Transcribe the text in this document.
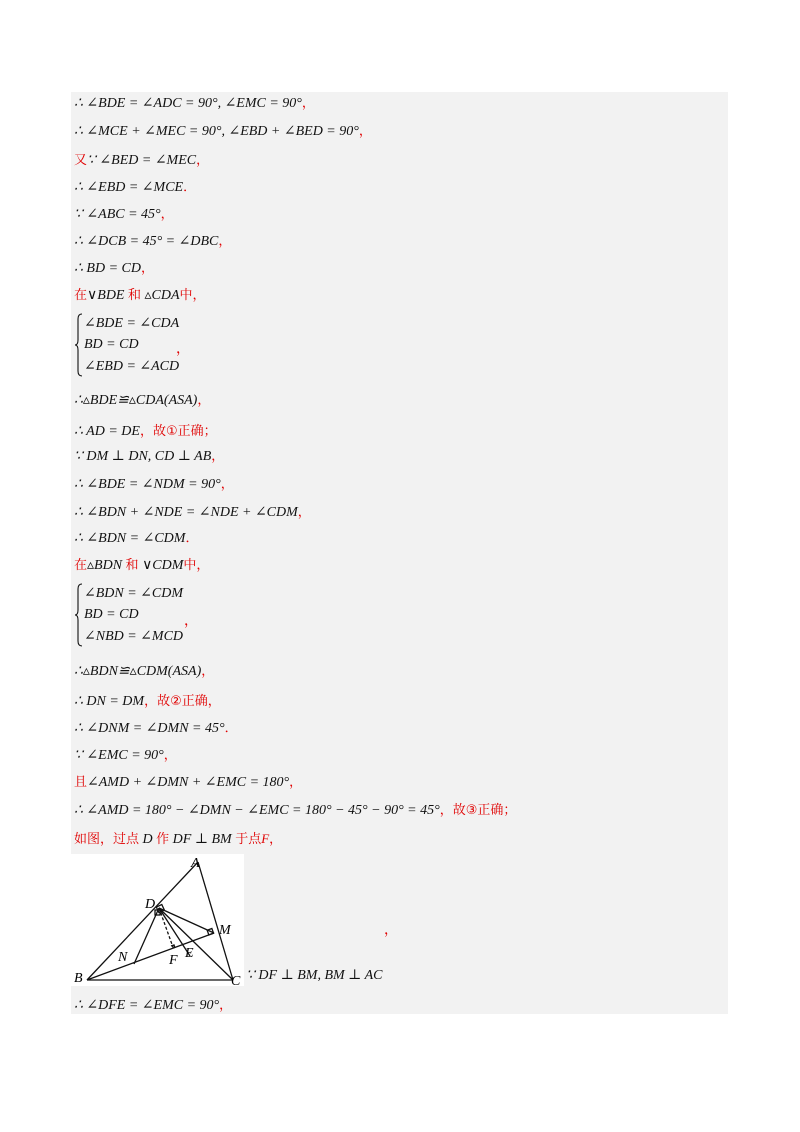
∴ ∠BDE = ∠ADC = 90°, ∠EMC = 90°，
∴ ∠MCE + ∠MEC = 90°, ∠EBD + ∠BED = 90°，
又∵ ∠BED = ∠MEC，
∴ ∠EBD = ∠MCE．
∵ ∠ABC = 45°，
∴ ∠DCB = 45° = ∠DBC，
∴ BD = CD，
在∨BDE 和 ▵CDA中，
∠BDE = ∠CDA
BD = CD
∠EBD = ∠ACD
，
∴▵BDE≌▵CDA(ASA)，
∴ AD = DE，故①正确；
∵ DM ⊥ DN, CD ⊥ AB，
∴ ∠BDE = ∠NDM = 90°，
∴ ∠BDN + ∠NDE = ∠NDE + ∠CDM，
∴ ∠BDN = ∠CDM．
在▵BDN 和 ∨CDM中，
∠BDN = ∠CDM
BD = CD
∠NBD = ∠MCD
，
∴▵BDN≌▵CDM(ASA)，
∴ DN = DM，故②正确，
∴ ∠DNM = ∠DMN = 45°．
∵ ∠EMC = 90°，
且∠AMD + ∠DMN + ∠EMC = 180°，
∴ ∠AMD = 180° − ∠DMN − ∠EMC = 180° − 45° − 90° = 45°，故③正确；
如图，过点 D 作 DF ⊥ BM 于点F，
A
D
M
N	F E
B	C ∵ DF ⊥ BM, BM ⊥ AC
，
∴ ∠DFE = ∠EMC = 90°，
